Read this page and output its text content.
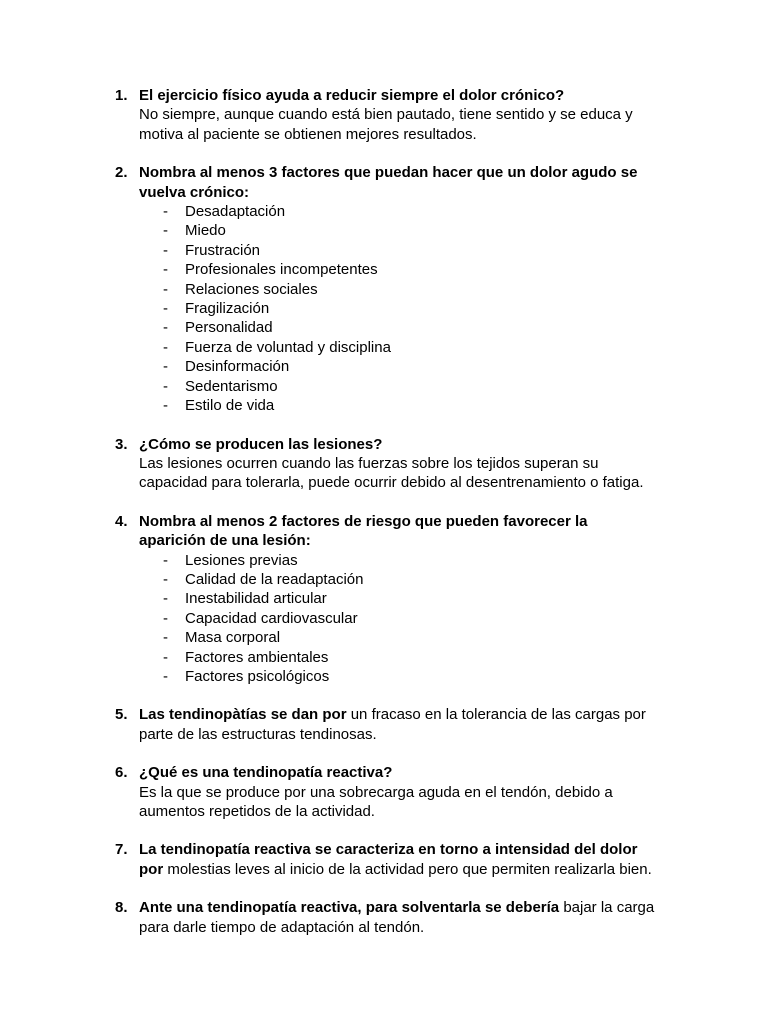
1. El ejercicio físico ayuda a reducir siempre el dolor crónico?
No siempre, aunque cuando está bien pautado, tiene sentido y se educa y
motiva al paciente se obtienen mejores resultados.
2. Nombra al menos 3 factores que puedan hacer que un dolor agudo se
vuelva crónico:
- Desadaptación
- Miedo
- Frustración
- Profesionales incompetentes
- Relaciones sociales
- Fragilización
- Personalidad
- Fuerza de voluntad y disciplina
- Desinformación
- Sedentarismo
- Estilo de vida
3. ¿Cómo se producen las lesiones?
Las lesiones ocurren cuando las fuerzas sobre los tejidos superan su
capacidad para tolerarla, puede ocurrir debido al desentrenamiento o fatiga.
4. Nombra al menos 2 factores de riesgo que pueden favorecer la
aparición de una lesión:
- Lesiones previas
- Calidad de la readaptación
- Inestabilidad articular
- Capacidad cardiovascular
- Masa corporal
- Factores ambientales
- Factores psicológicos
5. Las tendinopàtías se dan por un fracaso en la tolerancia de las cargas por
parte de las estructuras tendinosas.
6. ¿Qué es una tendinopatía reactiva?
Es la que se produce por una sobrecarga aguda en el tendón, debido a
aumentos repetidos de la actividad.
7. La tendinopatía reactiva se caracteriza en torno a intensidad del dolor
por molestias leves al inicio de la actividad pero que permiten realizarla bien.
8. Ante una tendinopatía reactiva, para solventarla se debería bajar la carga
para darle tiempo de adaptación al tendón.
